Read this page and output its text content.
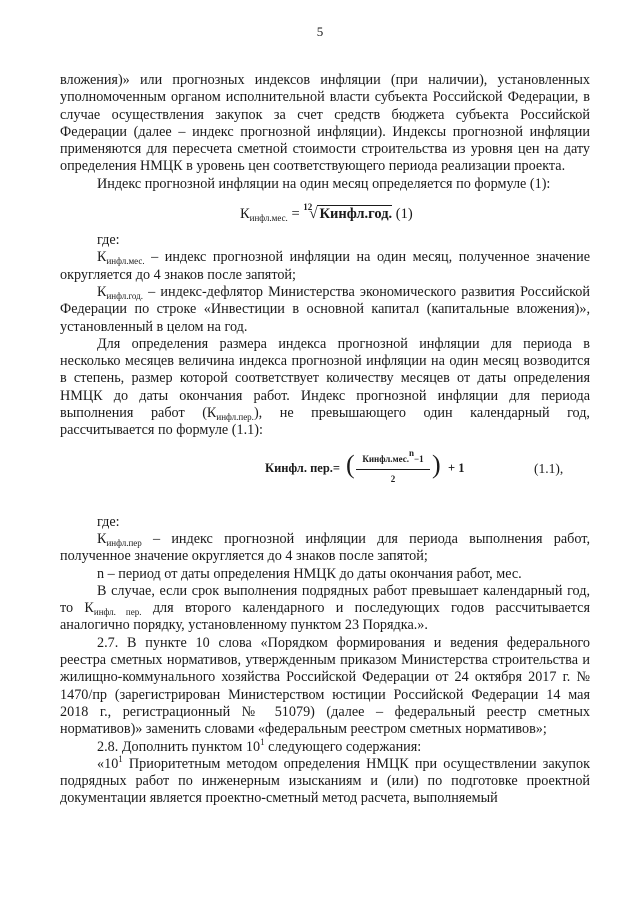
5

вложения)» или прогнозных индексов инфляции (при наличии), установленных уполномоченным органом исполнительной власти субъекта Российской Федерации, в случае осуществления закупок за счет средств бюджета субъекта Российской Федерации (далее – индекс прогнозной инфляции). Индексы прогнозной инфляции применяются для пересчета сметной стоимости строительства из уровня цен на дату определения НМЦК в уровень цен соответствующего периода реализации проекта.

Индекс прогнозной инфляции на один месяц определяется по формуле (1):

$К_{инфл.мес.} = ^{12}√$ Кинфл.год. (1)

где:

$К_{инфл.мес.}$ – индекс прогнозной инфляции на один месяц, полученное значение округляется до 4 знаков после запятой;

$К_{инфл.год.}$ – индекс-дефлятор Министерства экономического развития Российской Федерации по строке «Инвестиции в основной капитал (капитальные вложения)», установленный в целом на год.

Для определения размера индекса прогнозной инфляции для периода в несколько месяцев величина индекса прогнозной инфляции на один месяц возводится в степень, размер которой соответствует количеству месяцев от даты определения НМЦК до даты окончания работ. Индекс прогнозной инфляции для периода выполнения работ $(К_{инфл.пер.})$, не превышающего один календарный год, рассчитывается по формуле (1.1):

Кинфл. пер.= ( Кинфл.мес.$^n$−1
2
) + 1	(1.1),

где:

$К_{инфл.пер}$ – индекс прогнозной инфляции для периода выполнения работ, полученное значение округляется до 4 знаков после запятой;

n – период от даты определения НМЦК до даты окончания работ, мес.

В случае, если срок выполнения подрядных работ превышает календарный год, то $К_{инфл. пер.}$ для второго календарного и последующих годов рассчитывается аналогично порядку, установленному пунктом 23 Порядка.».

2.7. В пункте 10 слова «Порядком формирования и ведения федерального реестра сметных нормативов, утвержденным приказом Министерства строительства и жилищно-коммунального хозяйства Российской Федерации от 24 октября 2017 г. № 1470/пр (зарегистрирован Министерством юстиции Российской Федерации 14 мая 2018 г., регистрационный № 51079) (далее – федеральный реестр сметных нормативов)» заменить словами «федеральным реестром сметных нормативов»;

2.8. Дополнить пунктом $10^1$ следующего содержания:

«$10^1$ Приоритетным методом определения НМЦК при осуществлении закупок подрядных работ по инженерным изысканиям и (или) по подготовке проектной документации является проектно-сметный метод расчета, выполняемый
